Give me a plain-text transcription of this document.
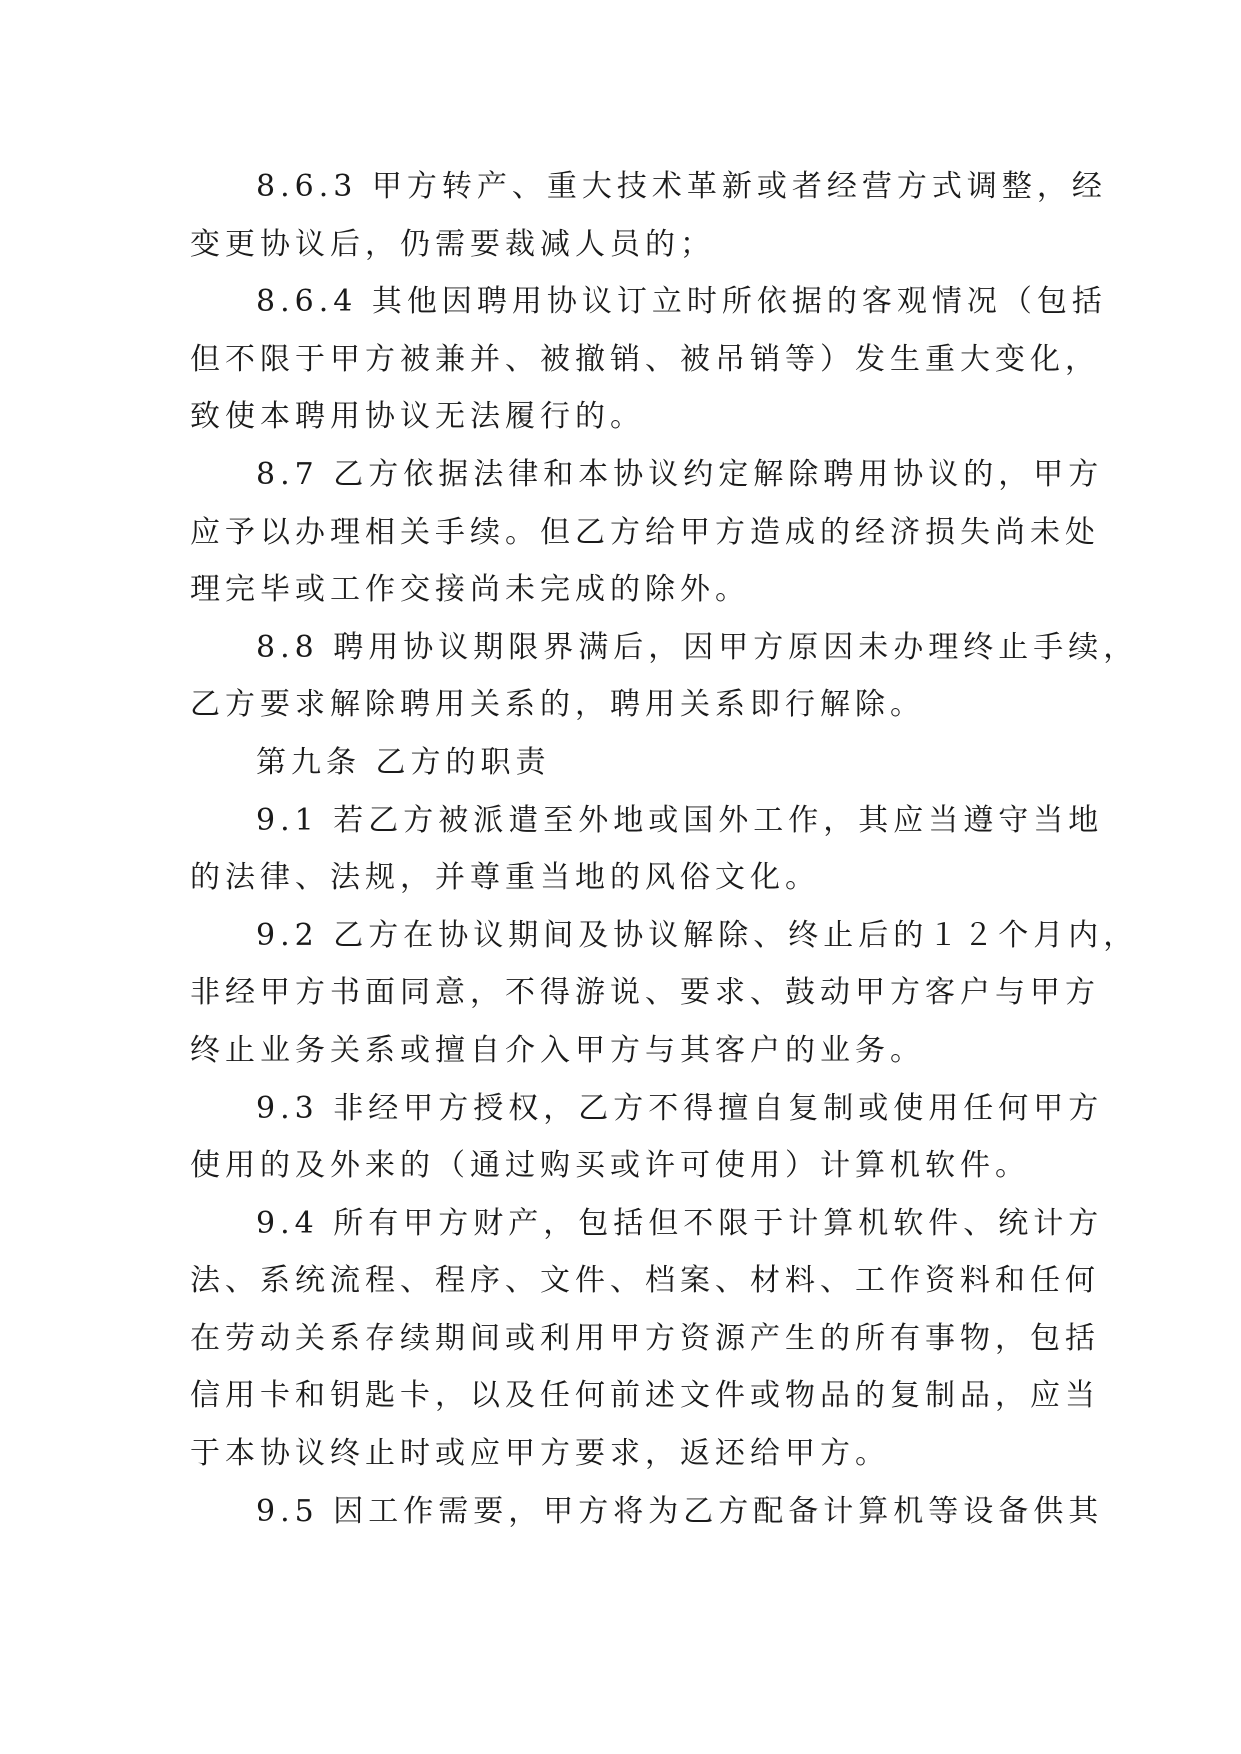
8.6.3 甲方转产、重大技术革新或者经营方式调整，经
变更协议后，仍需要裁减人员的；
8.6.4 其他因聘用协议订立时所依据的客观情况（包括
但不限于甲方被兼并、被撤销、被吊销等）发生重大变化，
致使本聘用协议无法履行的。
8.7 乙方依据法律和本协议约定解除聘用协议的，甲方
应予以办理相关手续。但乙方给甲方造成的经济损失尚未处
理完毕或工作交接尚未完成的除外。
8.8 聘用协议期限界满后，因甲方原因未办理终止手续，
乙方要求解除聘用关系的，聘用关系即行解除。
第九条 乙方的职责
9.1 若乙方被派遣至外地或国外工作，其应当遵守当地
的法律、法规，并尊重当地的风俗文化。
9.2 乙方在协议期间及协议解除、终止后的１２个月内，
非经甲方书面同意，不得游说、要求、鼓动甲方客户与甲方
终止业务关系或擅自介入甲方与其客户的业务。
9.3 非经甲方授权，乙方不得擅自复制或使用任何甲方
使用的及外来的（通过购买或许可使用）计算机软件。
9.4 所有甲方财产，包括但不限于计算机软件、统计方
法、系统流程、程序、文件、档案、材料、工作资料和任何
在劳动关系存续期间或利用甲方资源产生的所有事物，包括
信用卡和钥匙卡，以及任何前述文件或物品的复制品，应当
于本协议终止时或应甲方要求，返还给甲方。
9.5 因工作需要，甲方将为乙方配备计算机等设备供其
